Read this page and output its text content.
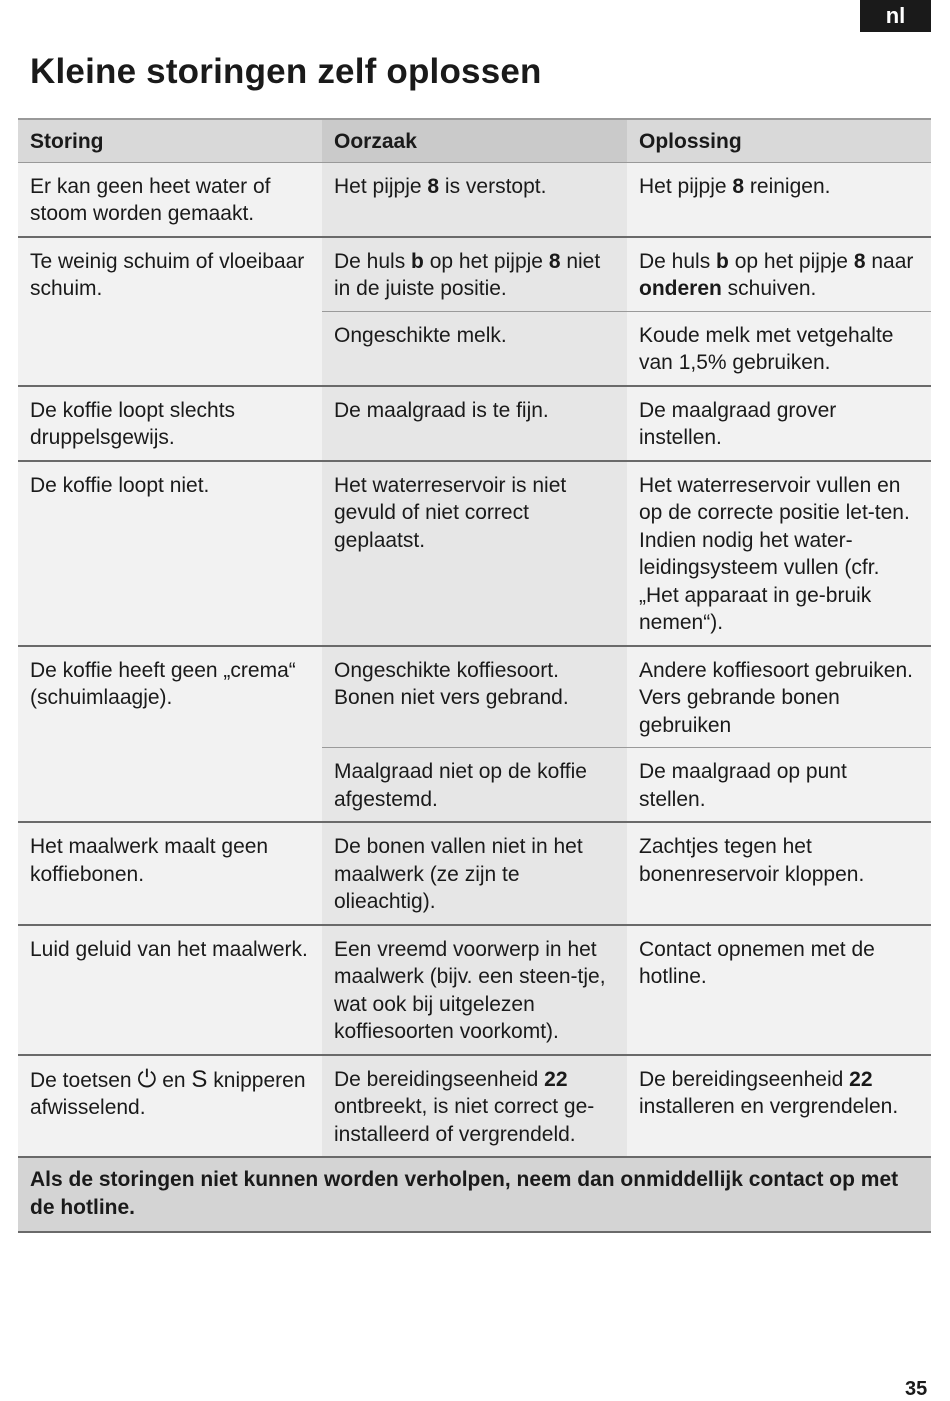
nl
Kleine storingen zelf oplossen
Storing	Oorzaak	Oplossing
Er kan geen heet water of stoom worden gemaakt.	Het pijpje 8 is verstopt.	Het pijpje 8 reinigen.
Te weinig schuim of vloeibaar schuim.	De huls b op het pijpje 8 niet in de juiste positie.	De huls b op het pijpje 8 naar onderen schuiven.
	Ongeschikte melk.	Koude melk met vetgehalte van 1,5% gebruiken.
De koffie loopt slechts druppelsgewijs.	De maalgraad is te fijn.	De maalgraad grover instellen.
De koffie loopt niet.	Het waterreservoir is niet gevuld of niet correct geplaatst.	Het waterreservoir vullen en op de correcte positie let-ten. Indien nodig het water-leidingsysteem vullen (cfr. „Het apparaat in ge-bruik nemen“).
De koffie heeft geen „crema“ (schuimlaagje).	Ongeschikte koffiesoort. Bonen niet vers gebrand.	Andere koffiesoort gebruiken. Vers gebrande bonen gebruiken
	Maalgraad niet op de koffie afgestemd.	De maalgraad op punt stellen.
Het maalwerk maalt geen koffiebonen.	De bonen vallen niet in het maalwerk (ze zijn te olieachtig).	Zachtjes tegen het bonenreservoir kloppen.
Luid geluid van het maalwerk.	Een vreemd voorwerp in het maalwerk (bijv. een steen-tje, wat ook bij uitgelezen koffiesoorten voorkomt).	Contact opnemen met de hotline.
De toetsen ⏻ en S knipperen afwisselend.	De bereidingseenheid 22 ontbreekt, is niet correct ge-installeerd of vergrendeld.	De bereidingseenheid 22 installeren en vergrendelen.
Als de storingen niet kunnen worden verholpen, neem dan onmiddellijk contact op met de hotline.		
35
